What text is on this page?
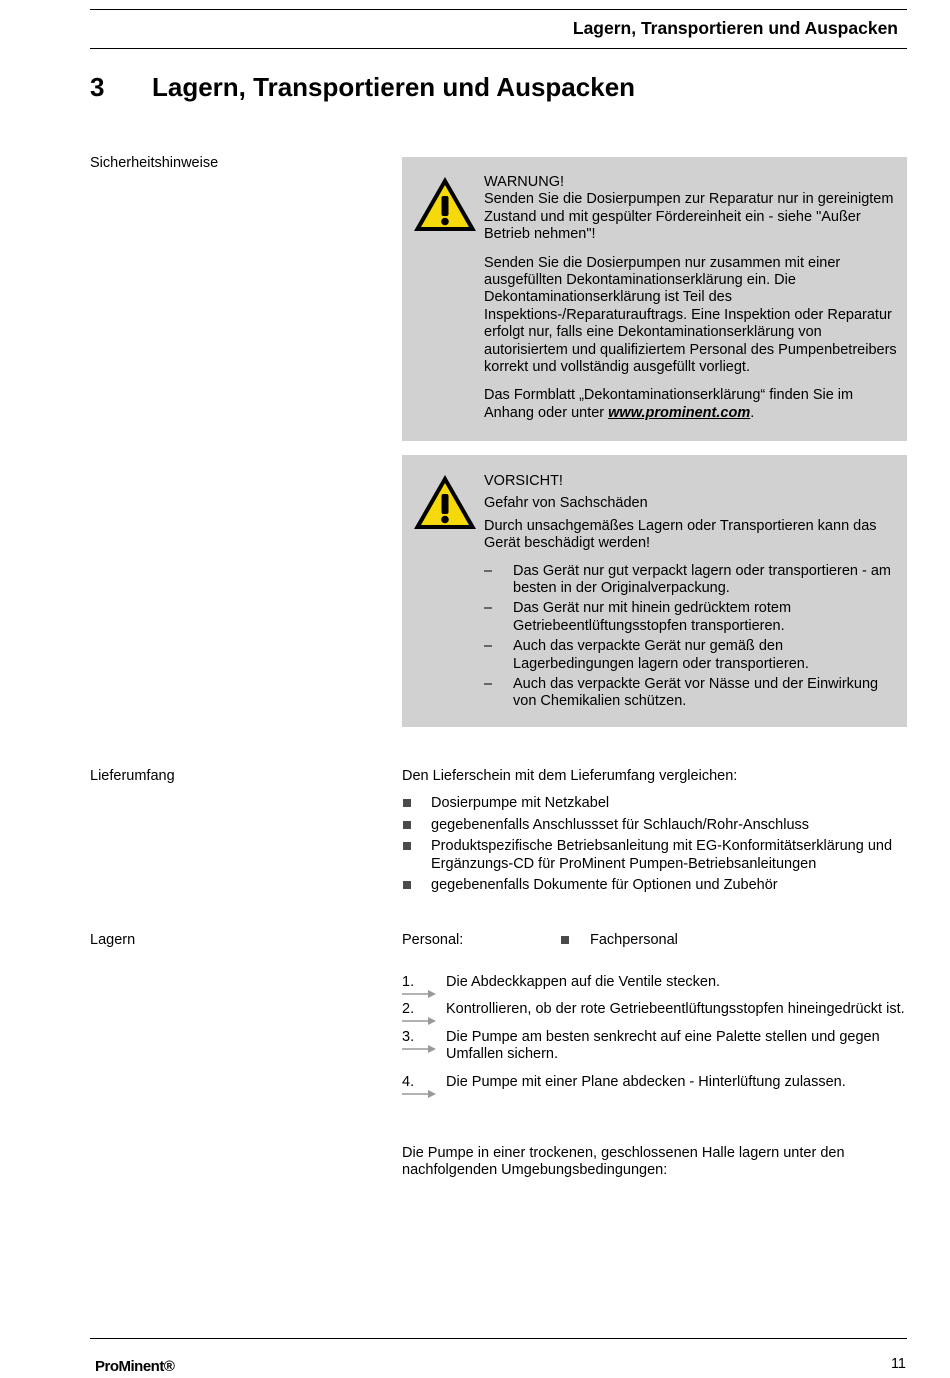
Lagern, Transportieren und Auspacken
3 Lagern, Transportieren und Auspacken
Sicherheitshinweise

WARNUNG!

Senden Sie die Dosierpumpen zur Reparatur nur in gereinigtem Zustand und mit gespülter Fördereinheit ein - siehe "Außer Betrieb nehmen"!

Senden Sie die Dosierpumpen nur zusammen mit einer ausgefüllten Dekontaminationserklärung ein. Die Dekontaminationserklärung ist Teil des Inspektions-/Reparaturauftrags. Eine Inspektion oder Reparatur erfolgt nur, falls eine Dekontaminationserklärung von autorisiertem und qualifiziertem Personal des Pumpenbetreibers korrekt und vollständig ausgefüllt vorliegt.

Das Formblatt „Dekontaminationserklärung“ finden Sie im Anhang oder unter www.prominent.com.

VORSICHT!

Gefahr von Sachschäden

Durch unsachgemäßes Lagern oder Transportieren kann das Gerät beschädigt werden!

– Das Gerät nur gut verpackt lagern oder transportieren - am besten in der Originalverpackung.
– Das Gerät nur mit hinein gedrücktem rotem Getriebeentlüftungsstopfen transportieren.
– Auch das verpackte Gerät nur gemäß den Lagerbedingungen lagern oder transportieren.
– Auch das verpackte Gerät vor Nässe und der Einwirkung von Chemikalien schützen.
Lieferumfang	Den Lieferschein mit dem Lieferumfang vergleichen:

Dosierpumpe mit Netzkabel
gegebenenfalls Anschlussset für Schlauch/Rohr-Anschluss
Produktspezifische Betriebsanleitung mit EG-Konformitätserklärung und Ergänzungs-CD für ProMinent Pumpen-Betriebsanleitungen
gegebenenfalls Dokumente für Optionen und Zubehör
Lagern	Personal:	Fachpersonal
1. Die Abdeckkappen auf die Ventile stecken.
2. Kontrollieren, ob der rote Getriebeentlüftungsstopfen hineingedrückt ist.
3. Die Pumpe am besten senkrecht auf eine Palette stellen und gegen Umfallen sichern.
4. Die Pumpe mit einer Plane abdecken - Hinterlüftung zulassen.
Die Pumpe in einer trockenen, geschlossenen Halle lagern unter den nachfolgenden Umgebungsbedingungen:
ProMinent®	11
